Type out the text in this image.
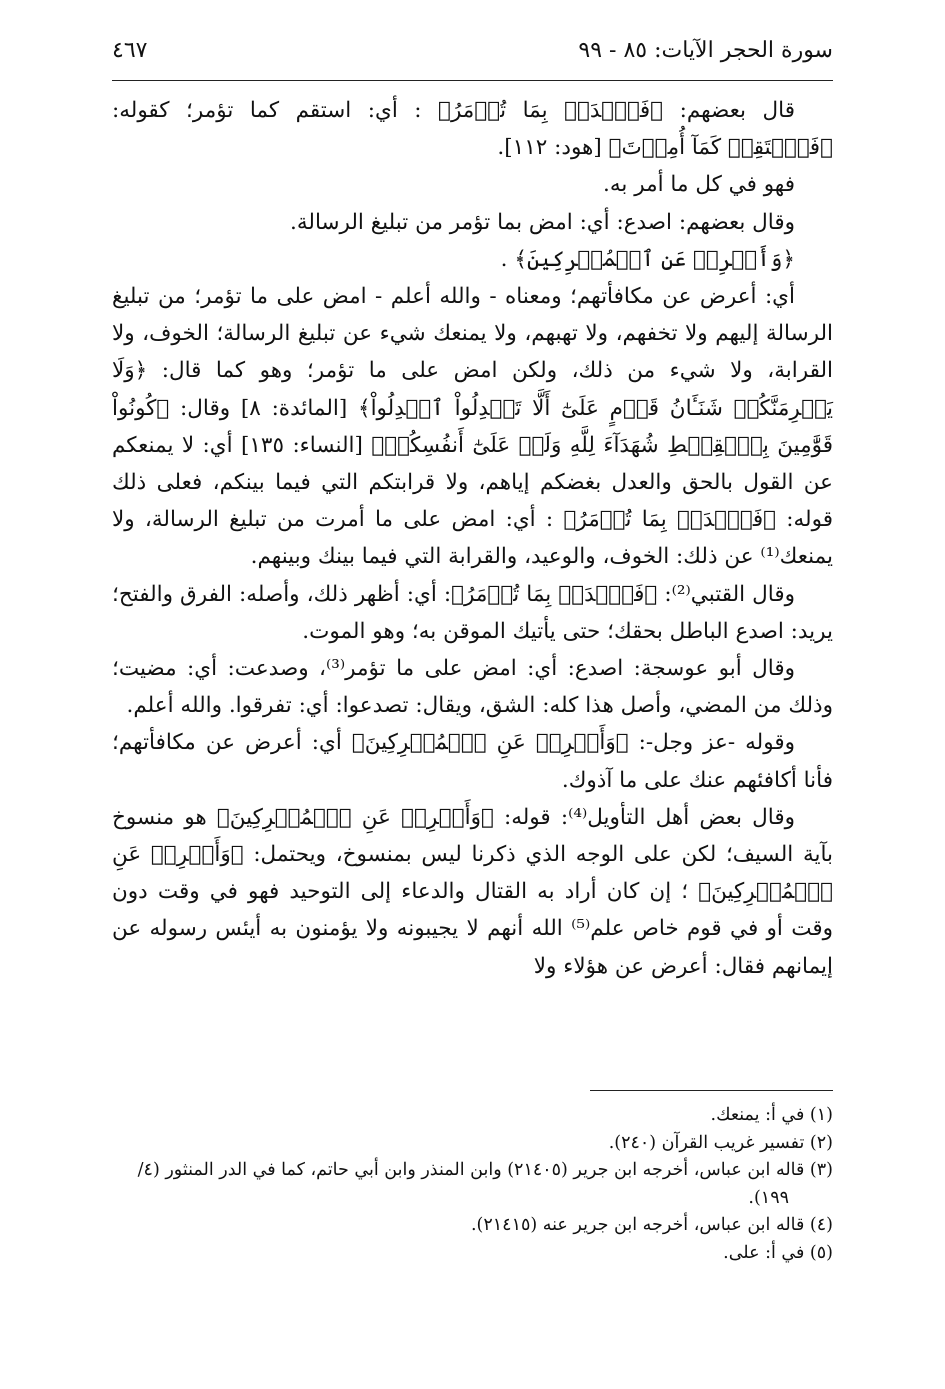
سورة الحجر الآيات: ٨٥ - ٩٩
٤٦٧

قال بعضهم: ﴿فَٱصۡدَعۡ بِمَا تُؤۡمَرُ﴾ : أي: استقم كما تؤمر؛ كقوله: ﴿فَٱسۡتَقِمۡ كَمَآ أُمِرۡتَ﴾ [هود: ١١٢].

فهو في كل ما أمر به.

وقال بعضهم: اصدع: أي: امض بما تؤمر من تبليغ الرسالة.

﴿وَأَعۡرِضۡ عَنِ ٱلۡمُشۡرِكِينَ﴾ .

أي: أعرض عن مكافأتهم؛ ومعناه - والله أعلم - امض على ما تؤمر؛ من تبليغ الرسالة إليهم ولا تخفهم، ولا تهبهم، ولا يمنعك شيء عن تبليغ الرسالة؛ الخوف، ولا القرابة، ولا شيء من ذلك، ولكن امض على ما تؤمر؛ وهو كما قال: ﴿وَلَا يَجۡرِمَنَّكُمۡ شَنَـَٔانُ قَوۡمٍ عَلَىٰٓ أَلَّا تَعۡدِلُواْ ٱعۡدِلُواْ﴾ [المائدة: ٨] وقال: ﴿كُونُواْ قَوَّٰمِينَ بِٱلۡقِسۡطِ شُهَدَآءَ لِلَّهِ وَلَوۡ عَلَىٰٓ أَنفُسِكُمۡ﴾ [النساء: ١٣٥] أي: لا يمنعكم عن القول بالحق والعدل بغضكم إياهم، ولا قرابتكم التي فيما بينكم، فعلى ذلك قوله: ﴿فَٱصۡدَعۡ بِمَا تُؤۡمَرُ﴾ : أي: امض على ما أمرت من تبليغ الرسالة، ولا يمنعك⁽¹⁾ عن ذلك: الخوف، والوعيد، والقرابة التي فيما بينك وبينهم.

وقال القتبي⁽²⁾: ﴿فَٱصۡدَعۡ بِمَا تُؤۡمَرُ﴾: أي: أظهر ذلك، وأصله: الفرق والفتح؛ يريد: اصدع الباطل بحقك؛ حتى يأتيك الموقن به؛ وهو الموت.

وقال أبو عوسجة: اصدع: أي: امض على ما تؤمر⁽³⁾، وصدعت: أي: مضيت؛ وذلك من المضي، وأصل هذا كله: الشق، ويقال: تصدعوا: أي: تفرقوا. والله أعلم.

وقوله -عز وجل-: ﴿وَأَعۡرِضۡ عَنِ ٱلۡمُشۡرِكِينَ﴾ أي: أعرض عن مكافأتهم؛ فأنا أكافئهم عنك على ما آذوك.

وقال بعض أهل التأويل⁽⁴⁾: قوله: ﴿وَأَعۡرِضۡ عَنِ ٱلۡمُشۡرِكِينَ﴾ هو منسوخ بآية السيف؛ لكن على الوجه الذي ذكرنا ليس بمنسوخ، ويحتمل: ﴿وَأَعۡرِضۡ عَنِ ٱلۡمُشۡرِكِينَ﴾ ؛ إن كان أراد به القتال والدعاء إلى التوحيد فهو في وقت دون وقت أو في قوم خاص علم⁽⁵⁾ الله أنهم لا يجيبونه ولا يؤمنون به أيئس رسوله عن إيمانهم فقال: أعرض عن هؤلاء ولا

(١) في أ: يمنعك.

(٢) تفسير غريب القرآن (٢٤٠).

(٣) قاله ابن عباس، أخرجه ابن جرير (٢١٤٠٥) وابن المنذر وابن أبي حاتم، كما في الدر المنثور (٤/ ١٩٩).

(٤) قاله ابن عباس، أخرجه ابن جرير عنه (٢١٤١٥).

(٥) في أ: على.
